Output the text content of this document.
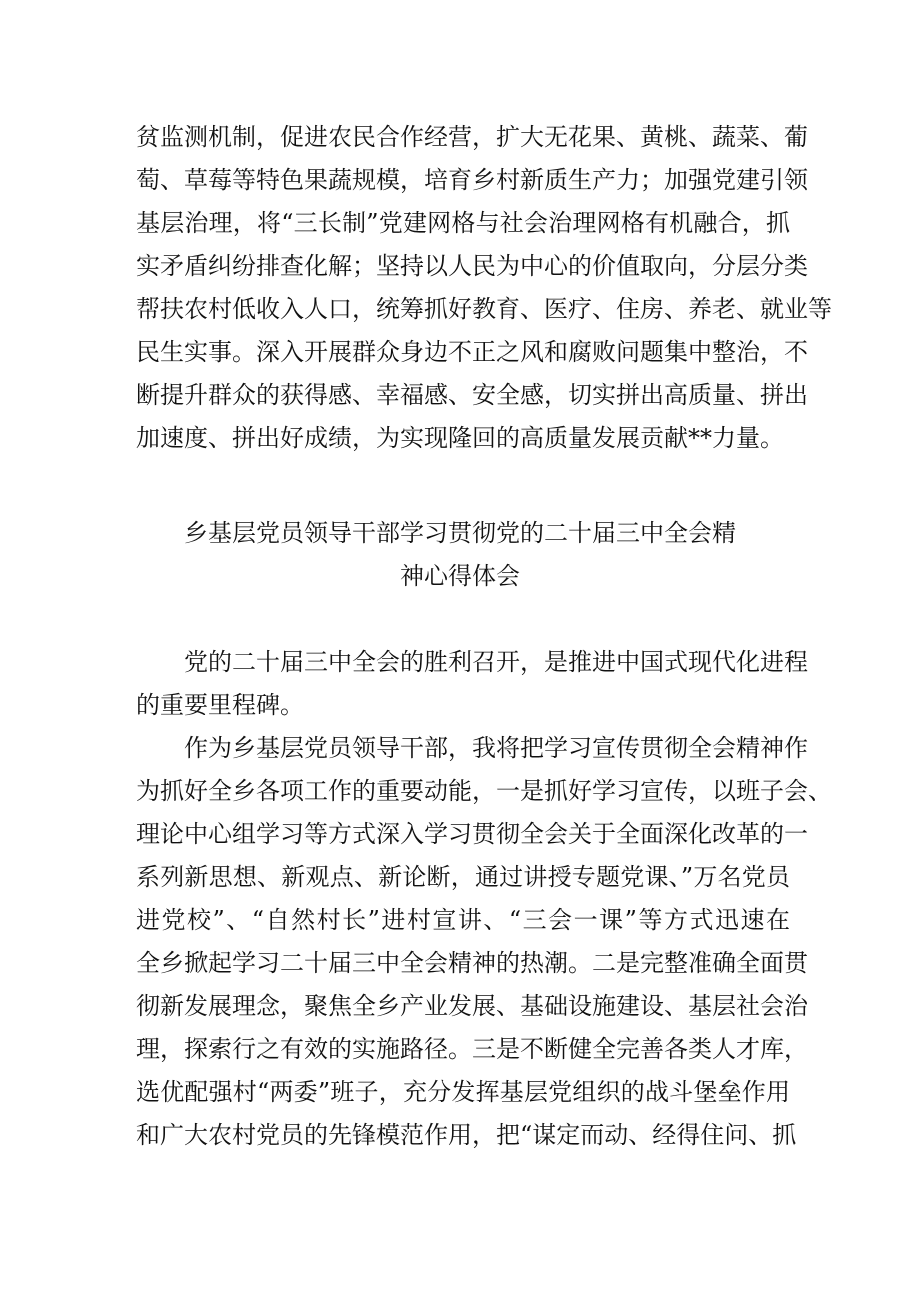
贫监测机制，促进农民合作经营，扩大无花果、黄桃、蔬菜、葡
萄、草莓等特色果蔬规模，培育乡村新质生产力；加强党建引领
基层治理，将“三长制”党建网格与社会治理网格有机融合，抓
实矛盾纠纷排查化解；坚持以人民为中心的价值取向，分层分类
帮扶农村低收入人口，统筹抓好教育、医疗、住房、养老、就业等
民生实事。深入开展群众身边不正之风和腐败问题集中整治，不
断提升群众的获得感、幸福感、安全感，切实拼出高质量、拼出
加速度、拼出好成绩，为实现隆回的高质量发展贡献**力量。
乡基层党员领导干部学习贯彻党的二十届三中全会精
神心得体会
党的二十届三中全会的胜利召开，是推进中国式现代化进程
的重要里程碑。
作为乡基层党员领导干部，我将把学习宣传贯彻全会精神作
为抓好全乡各项工作的重要动能，一是抓好学习宣传，以班子会、
理论中心组学习等方式深入学习贯彻全会关于全面深化改革的一
系列新思想、新观点、新论断，通过讲授专题党课、”万名党员
进党校”、“自然村长”进村宣讲、“三会一课”等方式迅速在
全乡掀起学习二十届三中全会精神的热潮。二是完整准确全面贯
彻新发展理念，聚焦全乡产业发展、基础设施建设、基层社会治
理，探索行之有效的实施路径。三是不断健全完善各类人才库，
选优配强村“两委”班子，充分发挥基层党组织的战斗堡垒作用
和广大农村党员的先锋模范作用，把“谋定而动、经得住问、抓
